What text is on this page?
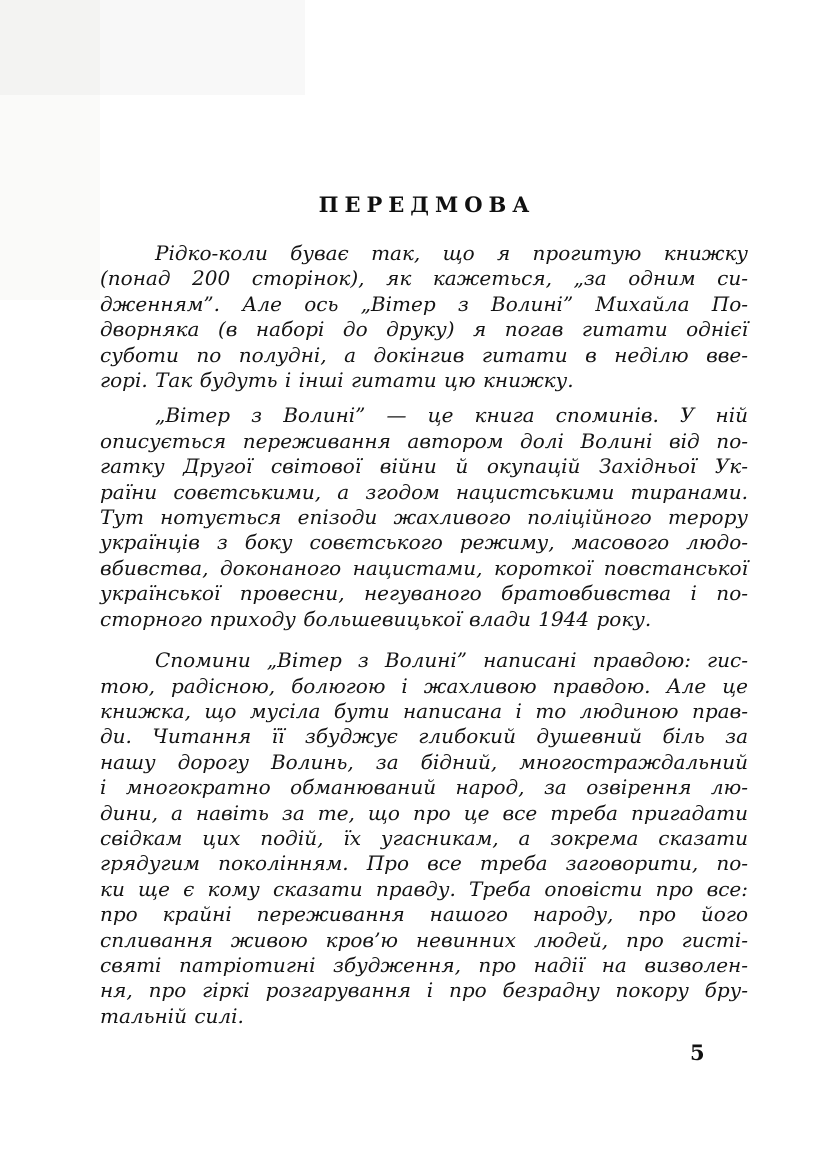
ПЕРЕДМОВА
Рідко-коли буває так, що я прогитую книжку
(понад 200 сторінок), як кажеться, „за одним си-
дженням”. Але ось „Вітер з Волині” Михайла По-
дворняка (в наборі до друку) я погав гитати однієї
суботи по полудні, а докінгив гитати в неділю вве-
горі. Так будуть і інші гитати цю книжку.
„Вітер з Волині” — це книга споминів. У ній
описується переживання автором долі Волині від по-
гатку Другої світової війни й окупацій Західньої Ук-
раїни совєтськими, а згодом нацистськими тиранами.
Тут нотується епізоди жахливого поліційного терору
українців з боку совєтського режиму, масового людо-
вбивства, доконаного нацистами, короткої повстанської
української провесни, негуваного братовбивства і по-
сторного приходу большевицької влади 1944 року.
Спомини „Вітер з Волині” написані правдою: гис-
тою, радісною, болюгою і жахливою правдою. Але це
книжка, що мусіла бути написана і то людиною прав-
ди. Читання її збуджує глибокий душевний біль за
нашу дорогу Волинь, за бідний, многостраждальний
і многократно обманюваний народ, за озвірення лю-
дини, а навіть за те, що про це все треба пригадати
свідкам цих подій, їх угасникам, а зокрема сказати
грядугим поколінням. Про все треба заговорити, по-
ки ще є кому сказати правду. Треба оповісти про все:
про крайні переживання нашого народу, про його
спливання живою кров’ю невинних людей, про гисті-
святі патріотигні збудження, про надії на визволен-
ня, про гіркі розгарування і про безрадну покору бру-
тальній силі.
5
